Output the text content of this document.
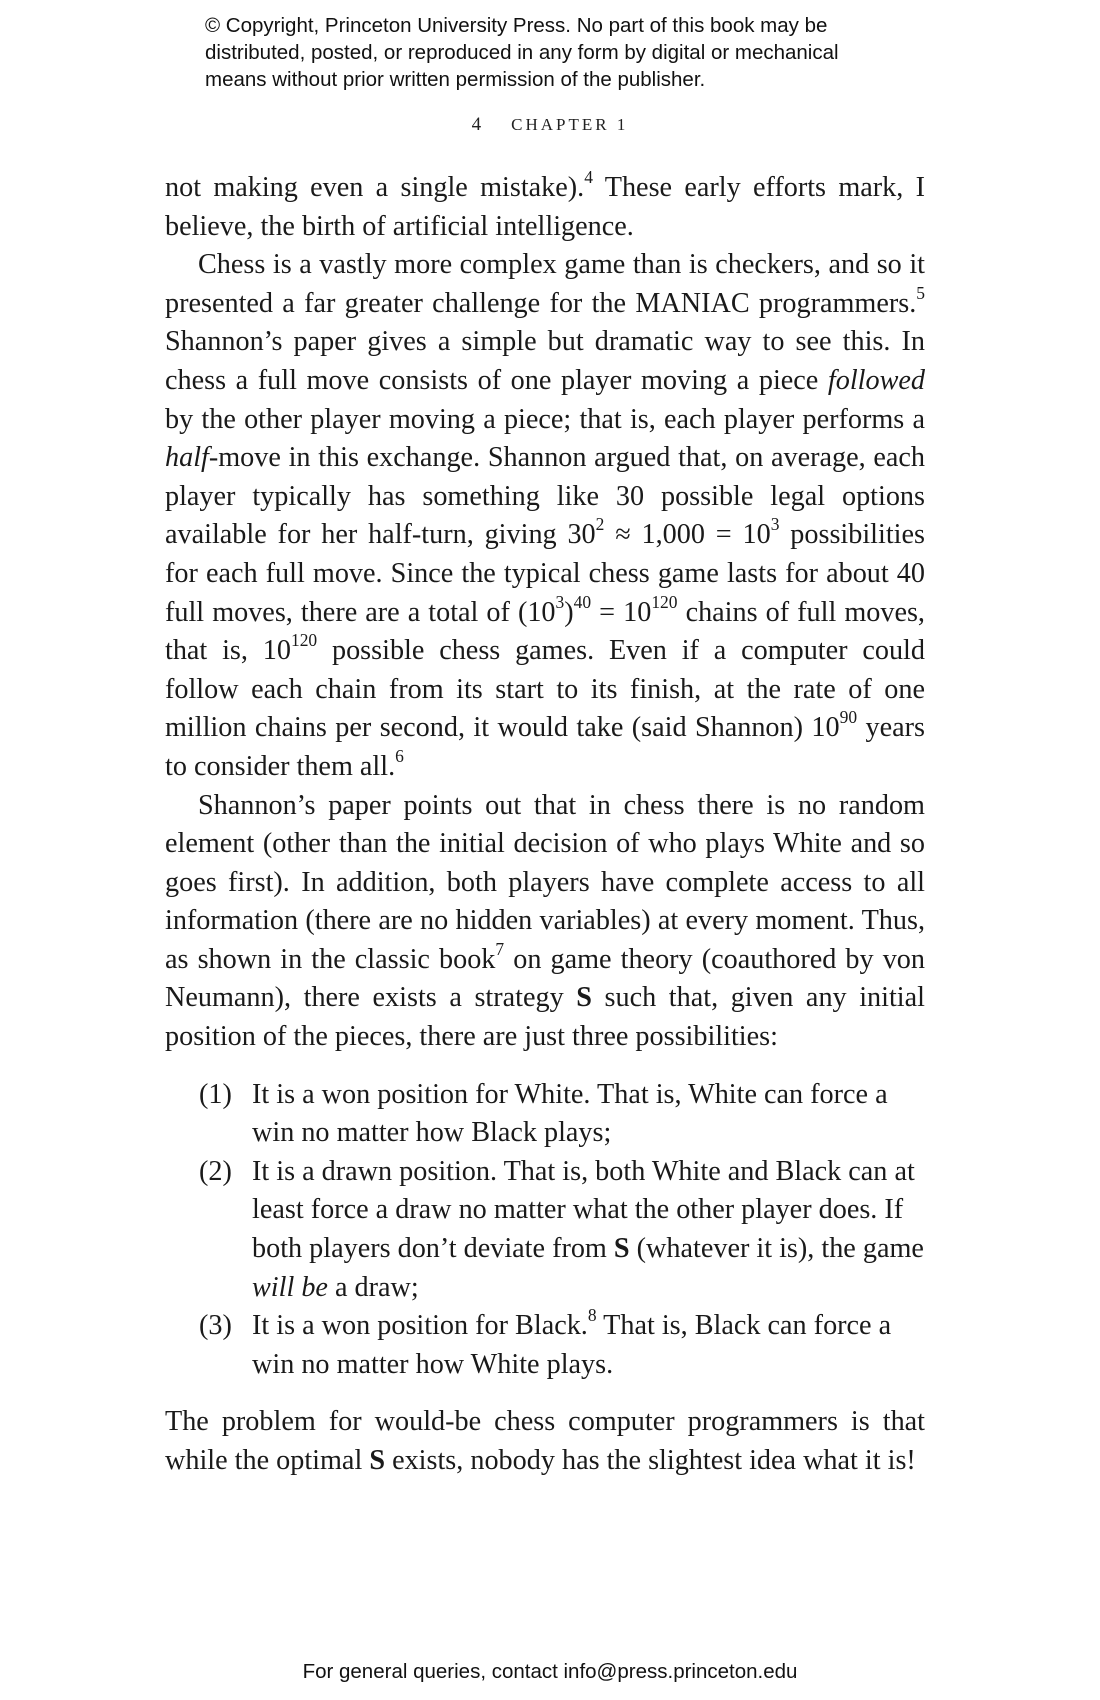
© Copyright, Princeton University Press. No part of this book may be
distributed, posted, or reproduced in any form by digital or mechanical
means without prior written permission of the publisher.
4 CHAPTER 1

not making even a single mistake).$^4$ These early efforts mark, I believe, the birth of artificial intelligence.

Chess is a vastly more complex game than is checkers, and so it presented a far greater challenge for the MANIAC programmers.$^5$ Shannon’s paper gives a simple but dramatic way to see this. In chess a full move consists of one player moving a piece followed by the other player moving a piece; that is, each player performs a half-move in this exchange. Shannon argued that, on average, each player typically has something like 30 possible legal options available for her half-turn, giving $30^2 \approx 1,000 = 10^3$ possibilities for each full move. Since the typical chess game lasts for about 40 full moves, there are a total of $(10^3)^{40} = 10^{120}$ chains of full moves, that is, $10^{120}$ possible chess games. Even if a computer could follow each chain from its start to its finish, at the rate of one million chains per second, it would take (said Shannon) $10^{90}$ years to consider them all.$^6$

Shannon’s paper points out that in chess there is no random element (other than the initial decision of who plays White and so goes first). In addition, both players have complete access to all information (there are no hidden variables) at every moment. Thus, as shown in the classic book$^7$ on game theory (coauthored by von Neumann), there exists a strategy S such that, given any initial position of the pieces, there are just three possibilities:

(1) It is a won position for White. That is, White can force a win no matter how Black plays;
(2) It is a drawn position. That is, both White and Black can at least force a draw no matter what the other player does. If both players don’t deviate from S (whatever it is), the game will be a draw;
(3) It is a won position for Black.$^8$ That is, Black can force a win no matter how White plays.

The problem for would-be chess computer programmers is that while the optimal S exists, nobody has the slightest idea what it is!

For general queries, contact info@press.princeton.edu
